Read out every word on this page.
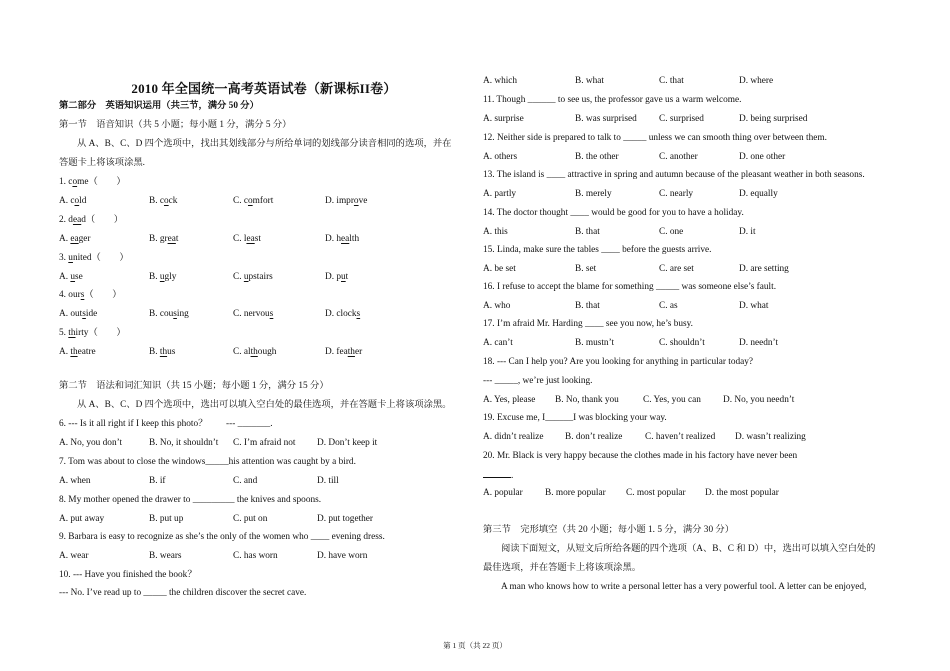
2010 年全国统一高考英语试卷（新课标II卷）
第二部分　英语知识运用（共三节，满分 50 分）
第一节　语音知识（共 5 小题；每小题 1 分，满分 5 分）
从 A、B、C、D 四个选项中，找出其划线部分与所给单词的划线部分读音相同的选项，并在
答题卡上将该项涂黑.
1. come（　　）
A. cold	B. cock	C. comfort	D. improve
2. dead（　　）
A. eager	B. great	C. least	D. health
3. united（　　）
A. use	B. ugly	C. upstairs	D. put
4. ours（　　）
A. outside	B. cousing	C. nervous	D. clocks
5. thirty（　　）
A. theatre	B. thus	C. although	D. feather
第二节　语法和词汇知识（共 15 小题；每小题 1 分，满分 15 分）
从 A、B、C、D 四个选项中，选出可以填入空白处的最佳选项，并在答题卡上将该项涂黑。
6. --- Is it all right if I keep this photo？　　--- _______.
A. No, you don’t	B. No, it shouldn’t C. I’m afraid not D. Don’t keep it
7. Tom was about to close the windows_____his attention was caught by a bird.
A. when	B. if	C. and	D. till
8. My mother opened the drawer to _________ the knives and spoons.
A. put away	B. put up	C. put on	D. put together
9. Barbara is easy to recognize as she’s the only of the women who ____ evening dress.
A. wear	B. wears	C. has worn	D. have worn
10. --- Have you finished the book？
--- No. I’ve read up to _____ the children discover the secret cave.
A. which	B. what	C. that	D. where
11. Though ______ to see us, the professor gave us a warm welcome.
A. surprise	B. was surprised C. surprised	D. being surprised
12. Neither side is prepared to talk to _____ unless we can smooth thing over between them.
A. others	B. the other	C. another	D. one other
13. The island is ____ attractive in spring and autumn because of the pleasant weather in both seasons.
A. partly	B. merely	C. nearly	D. equally
14. The doctor thought ____ would be good for you to have a holiday.
A. this	B. that	C. one	D. it
15. Linda, make sure the tables ____ before the guests arrive.
A. be set	B. set	C. are set	D. are setting
16. I refuse to accept the blame for something _____ was someone else’s fault.
A. who	B. that	C. as	D. what
17. I’m afraid Mr. Harding ____ see you now, he’s busy.
A. can’t	B. mustn’t	C. shouldn’t	D. needn’t
18. --- Can I help you? Are you looking for anything in particular today?
--- _____, we’re just looking.
A. Yes, please B. No, thank you	C. Yes, you can D. No, you needn’t
19. Excuse me, I______I was blocking your way.
A. didn’t realize B. don’t realize C. haven’t realized D. wasn’t realizing
20. Mr. Black is very happy because the clothes made in his factory have never been
.
A. popular B. more popular C. most popular D. the most popular
第三节　完形填空（共 20 小题；每小题 1. 5 分，满分 30 分）
阅读下面短文，从短文后所给各题的四个选项（A、B、C 和 D）中，选出可以填入空白处的
最佳选项，并在答题卡上将该项涂黑。
A man who knows how to write a personal letter has a very powerful tool. A letter can be enjoyed,
第 1 页（共 22 页）
